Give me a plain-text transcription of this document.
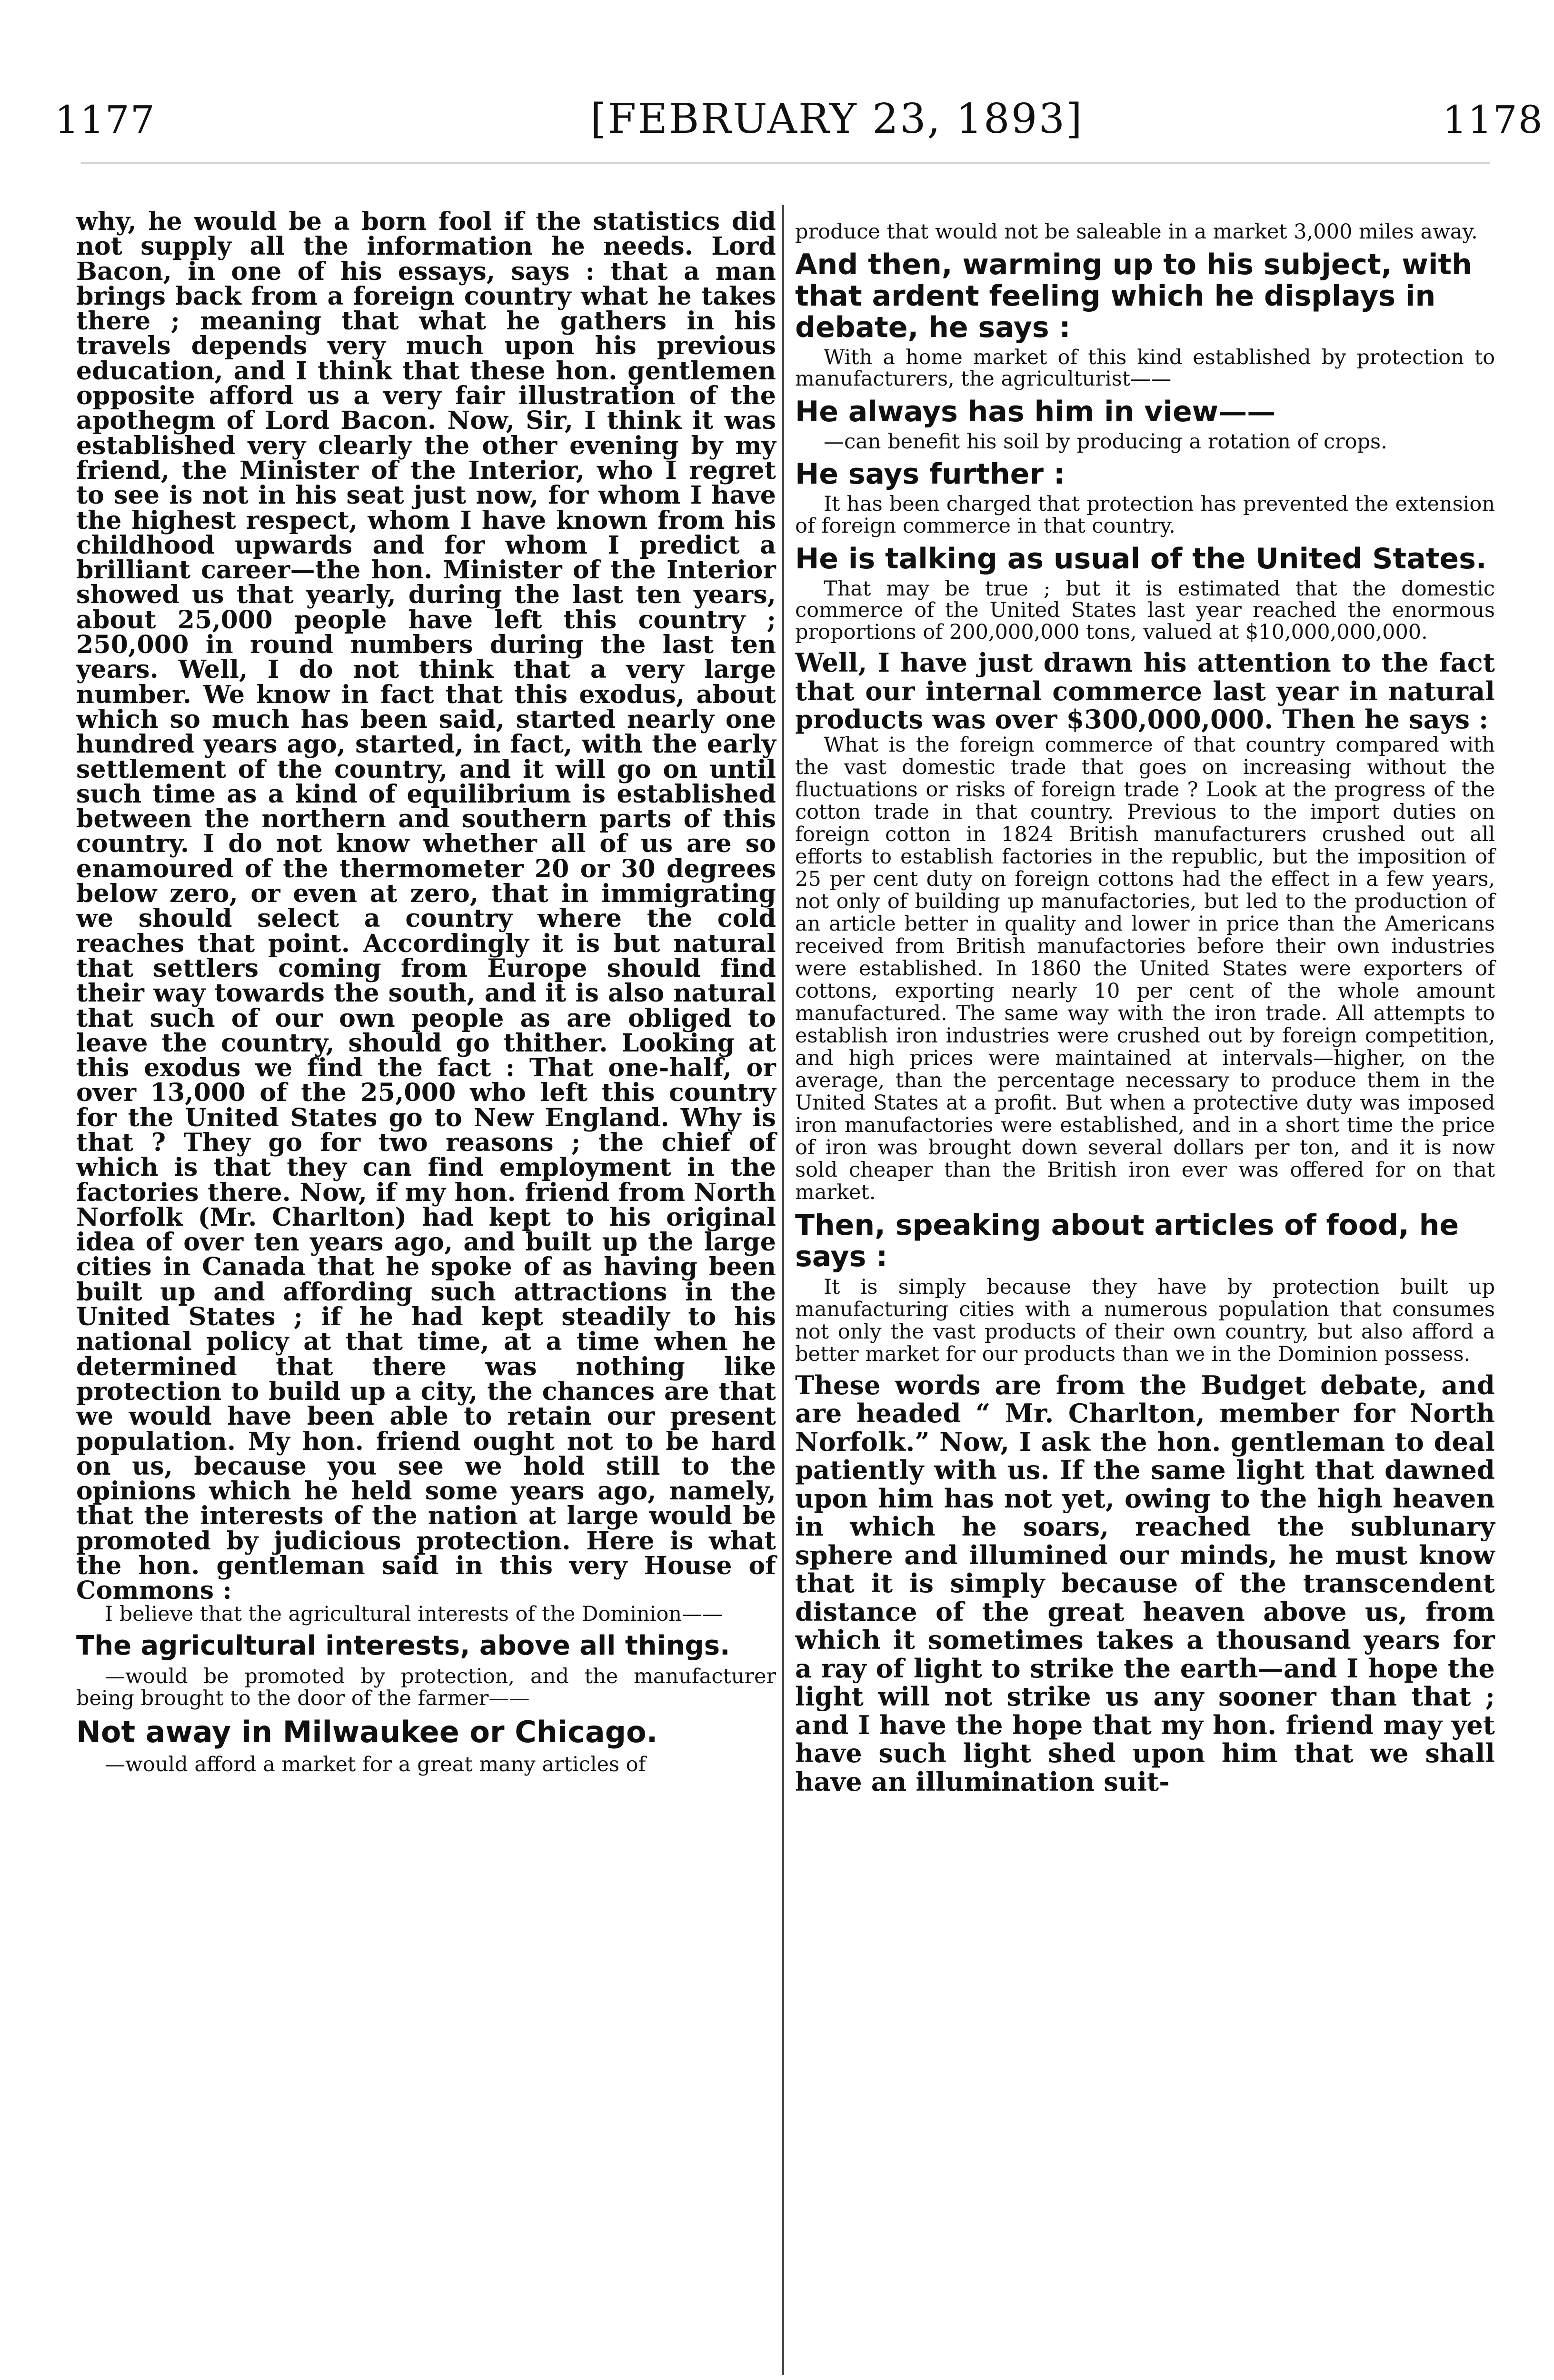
1177	[FEBRUARY 23, 1893]	1178

why, he would be a born fool if the statistics did not supply all the information he needs. Lord Bacon, in one of his essays, says : that a man brings back from a foreign country what he takes there ; meaning that what he gathers in his travels depends very much upon his previous education, and I think that these hon. gentlemen opposite afford us a very fair illustration of the apothegm of Lord Bacon. Now, Sir, I think it was established very clearly the other evening by my friend, the Minister of the Interior, who I regret to see is not in his seat just now, for whom I have the highest respect, whom I have known from his childhood upwards and for whom I predict a brilliant career—the hon. Minister of the Interior showed us that yearly, during the last ten years, about 25,000 people have left this country ; 250,000 in round numbers during the last ten years. Well, I do not think that a very large number. We know in fact that this exodus, about which so much has been said, started nearly one hundred years ago, started, in fact, with the early settlement of the country, and it will go on until such time as a kind of equilibrium is established between the northern and southern parts of this country. I do not know whether all of us are so enamoured of the thermometer 20 or 30 degrees below zero, or even at zero, that in immigrating we should select a country where the cold reaches that point. Accordingly it is but natural that settlers coming from Europe should find their way towards the south, and it is also natural that such of our own people as are obliged to leave the country, should go thither. Looking at this exodus we find the fact : That one-half, or over 13,000 of the 25,000 who left this country for the United States go to New England. Why is that ? They go for two reasons ; the chief of which is that they can find employment in the factories there. Now, if my hon. friend from North Norfolk (Mr. Charlton) had kept to his original idea of over ten years ago, and built up the large cities in Canada that he spoke of as having been built up and affording such attractions in the United States ; if he had kept steadily to his national policy at that time, at a time when he determined that there was nothing like protection to build up a city, the chances are that we would have been able to retain our present population. My hon. friend ought not to be hard on us, because you see we hold still to the opinions which he held some years ago, namely, that the interests of the nation at large would be promoted by judicious protection. Here is what the hon. gentleman said in this very House of Commons :

I believe that the agricultural interests of the Dominion——

The agricultural interests, above all things.

—would be promoted by protection, and the manufacturer being brought to the door of the farmer——

Not away in Milwaukee or Chicago.

—would afford a market for a great many articles of

produce that would not be saleable in a market 3,000 miles away.

And then, warming up to his subject, with that ardent feeling which he displays in debate, he says :

With a home market of this kind established by protection to manufacturers, the agriculturist——

He always has him in view——

—can benefit his soil by producing a rotation of crops.

He says further :

It has been charged that protection has prevented the extension of foreign commerce in that country.

He is talking as usual of the United States.

That may be true ; but it is estimated that the domestic commerce of the United States last year reached the enormous proportions of 200,000,000 tons, valued at $10,000,000,000.

Well, I have just drawn his attention to the fact that our internal commerce last year in natural products was over $300,000,000. Then he says :

What is the foreign commerce of that country compared with the vast domestic trade that goes on increasing without the fluctuations or risks of foreign trade ? Look at the progress of the cotton trade in that country. Previous to the import duties on foreign cotton in 1824 British manufacturers crushed out all efforts to establish factories in the republic, but the imposition of 25 per cent duty on foreign cottons had the effect in a few years, not only of building up manufactories, but led to the production of an article better in quality and lower in price than the Americans received from British manufactories before their own industries were established. In 1860 the United States were exporters of cottons, exporting nearly 10 per cent of the whole amount manufactured. The same way with the iron trade. All attempts to establish iron industries were crushed out by foreign competition, and high prices were maintained at intervals—higher, on the average, than the percentage necessary to produce them in the United States at a profit. But when a protective duty was imposed iron manufactories were established, and in a short time the price of iron was brought down several dollars per ton, and it is now sold cheaper than the British iron ever was offered for on that market.

Then, speaking about articles of food, he says :

It is simply because they have by protection built up manufacturing cities with a numerous population that consumes not only the vast products of their own country, but also afford a better market for our products than we in the Dominion possess.

These words are from the Budget debate, and are headed “ Mr. Charlton, member for North Norfolk.” Now, I ask the hon. gentleman to deal patiently with us. If the same light that dawned upon him has not yet, owing to the high heaven in which he soars, reached the sublunary sphere and illumined our minds, he must know that it is simply because of the transcendent distance of the great heaven above us, from which it sometimes takes a thousand years for a ray of light to strike the earth—and I hope the light will not strike us any sooner than that ; and I have the hope that my hon. friend may yet have such light shed upon him that we shall have an illumination suit-
